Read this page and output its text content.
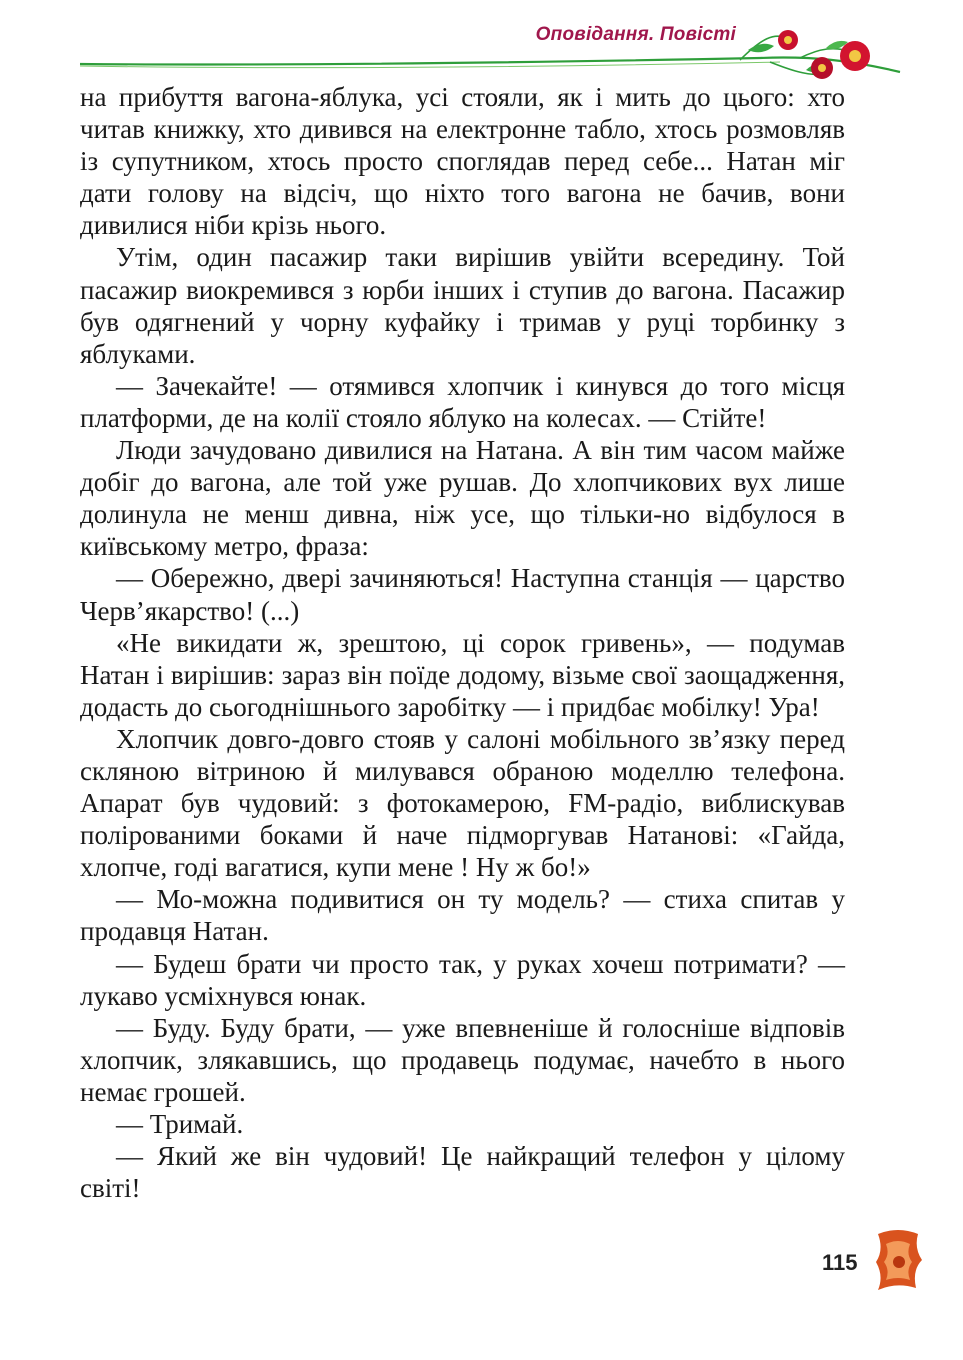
Оповідання. Повісті

на прибуття вагона-яблука, усі стояли, як і мить до цього: хто читав книжку, хто дивився на електронне табло, хтось розмовляв із супутником, хтось просто споглядав перед себе... Натан міг дати голову на відсіч, що ніхто того вагона не бачив, вони дивилися ніби крізь нього.

Утім, один пасажир таки вирішив увійти всередину. Той пасажир виокремився з юрби інших і ступив до вагона. Пасажир був одягнений у чорну куфайку і тримав у руці торбинку з яблуками.

— Зачекайте! — отямився хлопчик і кинувся до того місця платформи, де на колії стояло яблуко на колесах. — Стійте!

Люди зачудовано дивилися на Натана. А він тим часом майже добіг до вагона, але той уже рушав. До хлопчикових вух лише долинула не менш дивна, ніж усе, що тільки-но відбулося в київському метро, фраза:

— Обережно, двері зачиняються! Наступна станція — царство Черв’якарство! (...)

«Не викидати ж, зрештою, ці сорок гривень», — подумав Натан і вирішив: зараз він поїде додому, візьме свої заощадження, додасть до сьогоднішнього заробітку — і придбає мобілку! Ура!

Хлопчик довго-довго стояв у салоні мобільного зв’язку перед скляною вітриною й милувався обраною моделлю телефона. Апарат був чудовий: з фотокамерою, FM-радіо, виблискував полірованими боками й наче підморгував Натанові: «Гайда, хлопче, годі вагатися, купи мене ! Ну ж бо!»

— Мо-можна подивитися он ту модель? — стиха спитав у продавця Натан.

— Будеш брати чи просто так, у руках хочеш потримати? — лукаво усміхнувся юнак.

— Буду. Буду брати, — уже впевненіше й голосніше відповів хлопчик, злякавшись, що продавець подумає, начебто в нього немає грошей.

— Тримай.

— Який же він чудовий! Це найкращий телефон у цілому світі!

115
